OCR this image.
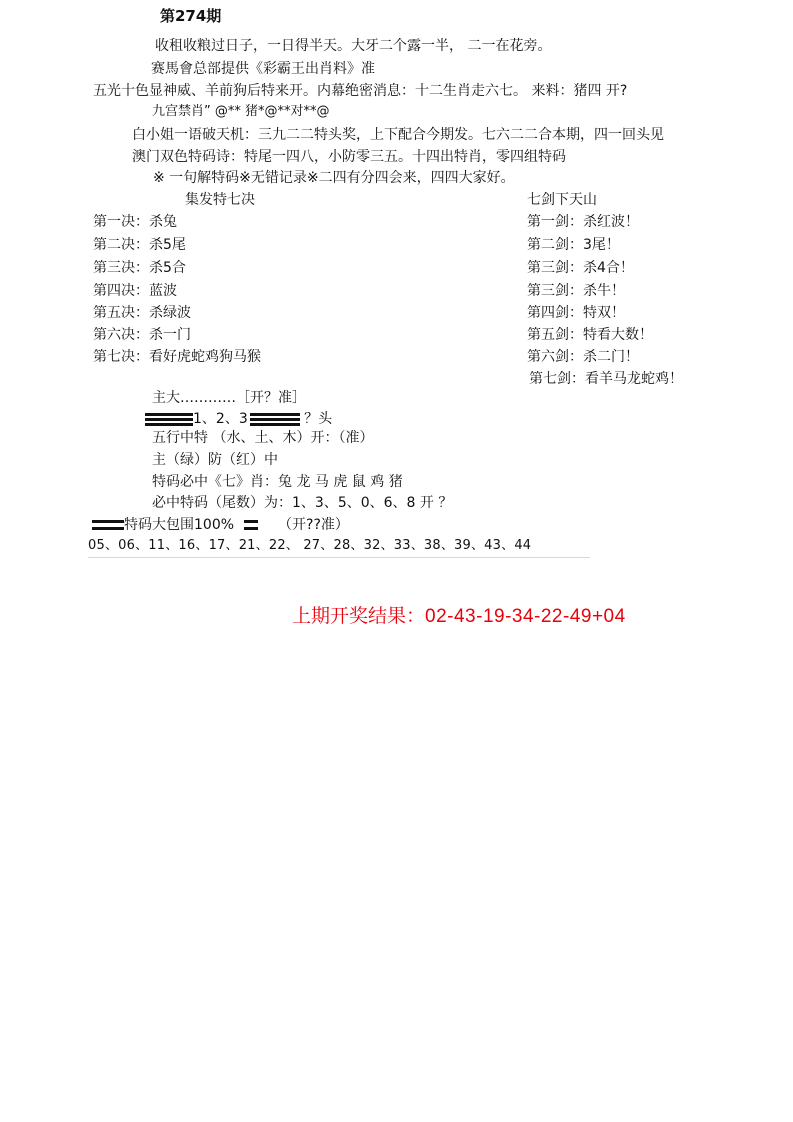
第274期
收租收粮过日子，一日得半天。大牙二个露一半， 二一在花旁。
赛馬會总部提供《彩霸王出肖料》准
五光十色显神威、羊前狗后特来开。内幕绝密消息：十二生肖走六七。 来料：猪四 开?
九宫禁肖” @** 猪*@**对**@
白小姐一语破天机：三九二二特头奖，上下配合今期发。七六二二合本期，四一回头见
澳门双色特码诗：特尾一四八，小防零三五。十四出特肖，零四组特码
※ 一句解特码※无错记录※二四有分四会来，四四大家好。
集发特七决
第一决：杀兔
第二决：杀5尾
第三决：杀5合
第四决：蓝波
第五决：杀绿波
第六决：杀一门
第七决：看好虎蛇鸡狗马猴
七剑下天山
第一剑：杀红波！
第二剑：3尾！
第三剑：杀4合！
第三剑：杀牛！
第四剑：特双！
第五剑：特看大数！
第六剑：杀二门！
第七剑：看羊马龙蛇鸡！
主大…………［开？准］
1、2、3	？头
五行中特 （水、土、木）开：（准）
主（绿）防（红）中
特码必中《七》肖：兔 龙 马 虎 鼠 鸡 猪
必中特码（尾数）为：1、3、5、0、6、8 开 ？
特码大包围100%	（开??准）
05、06、11、16、17、21、22、 27、28、32、33、38、39、43、44
上期开奖结果：02-43-19-34-22-49+04
